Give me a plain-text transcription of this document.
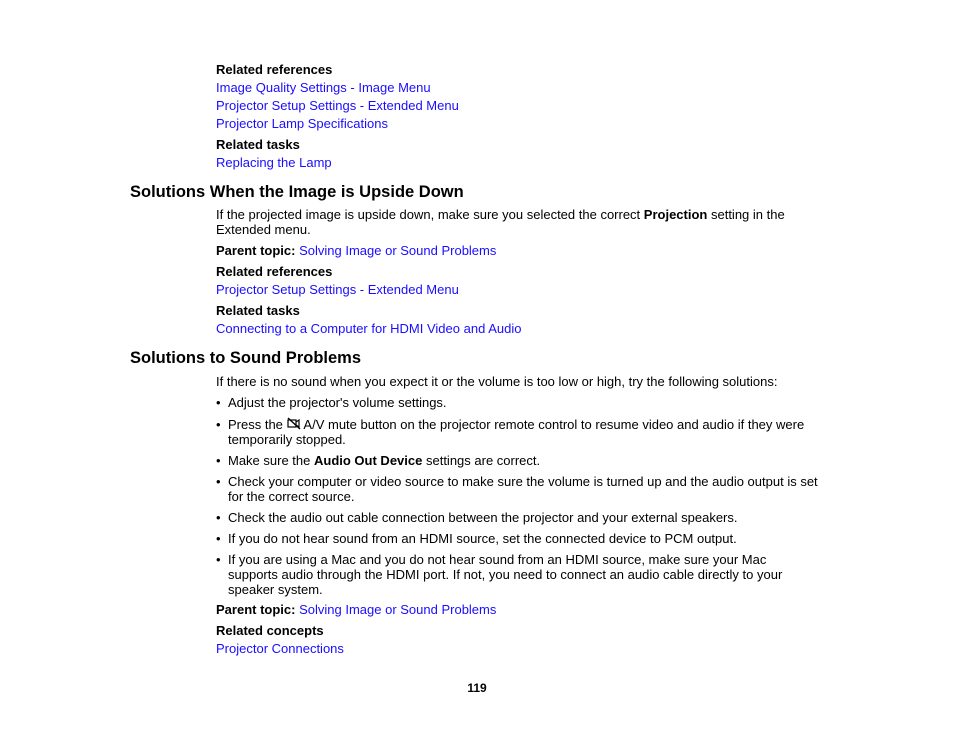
Related references
Image Quality Settings - Image Menu
Projector Setup Settings - Extended Menu
Projector Lamp Specifications
Related tasks
Replacing the Lamp
Solutions When the Image is Upside Down
If the projected image is upside down, make sure you selected the correct Projection setting in the
Extended menu.
Parent topic: Solving Image or Sound Problems
Related references
Projector Setup Settings - Extended Menu
Related tasks
Connecting to a Computer for HDMI Video and Audio
Solutions to Sound Problems
If there is no sound when you expect it or the volume is too low or high, try the following solutions:
• Adjust the projector's volume settings.
• Press the  A/V mute button on the projector remote control to resume video and audio if they were
temporarily stopped.
• Make sure the Audio Out Device settings are correct.
• Check your computer or video source to make sure the volume is turned up and the audio output is set
for the correct source.
• Check the audio out cable connection between the projector and your external speakers.
• If you do not hear sound from an HDMI source, set the connected device to PCM output.
• If you are using a Mac and you do not hear sound from an HDMI source, make sure your Mac
supports audio through the HDMI port. If not, you need to connect an audio cable directly to your
speaker system.
Parent topic: Solving Image or Sound Problems
Related concepts
Projector Connections
119
